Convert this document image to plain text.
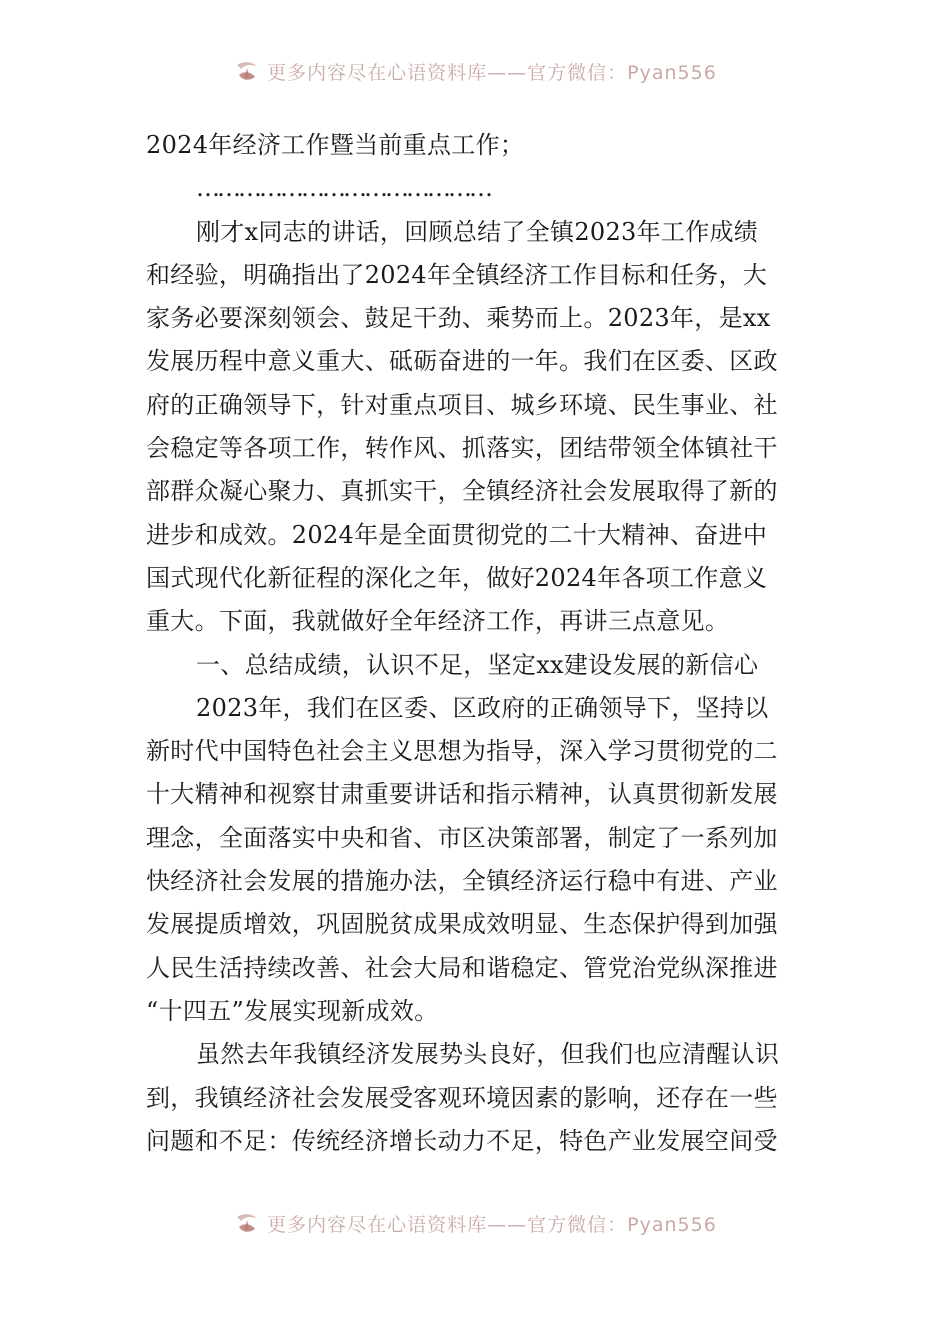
更多内容尽在心语资料库——官方微信：Pyan556
2024年经济工作暨当前重点工作；
……………………………………
刚才x同志的讲话，回顾总结了全镇2023年工作成绩
和经验，明确指出了2024年全镇经济工作目标和任务，大
家务必要深刻领会、鼓足干劲、乘势而上。2023年，是xx
发展历程中意义重大、砥砺奋进的一年。我们在区委、区政
府的正确领导下，针对重点项目、城乡环境、民生事业、社
会稳定等各项工作，转作风、抓落实，团结带领全体镇社干
部群众凝心聚力、真抓实干，全镇经济社会发展取得了新的
进步和成效。2024年是全面贯彻党的二十大精神、奋进中
国式现代化新征程的深化之年，做好2024年各项工作意义
重大。下面，我就做好全年经济工作，再讲三点意见。
一、总结成绩，认识不足，坚定xx建设发展的新信心
2023年，我们在区委、区政府的正确领导下，坚持以
新时代中国特色社会主义思想为指导，深入学习贯彻党的二
十大精神和视察甘肃重要讲话和指示精神，认真贯彻新发展
理念，全面落实中央和省、市区决策部署，制定了一系列加
快经济社会发展的措施办法，全镇经济运行稳中有进、产业
发展提质增效，巩固脱贫成果成效明显、生态保护得到加强
人民生活持续改善、社会大局和谐稳定、管党治党纵深推进
“十四五”发展实现新成效。
虽然去年我镇经济发展势头良好，但我们也应清醒认识
到，我镇经济社会发展受客观环境因素的影响，还存在一些
问题和不足：传统经济增长动力不足，特色产业发展空间受
更多内容尽在心语资料库——官方微信：Pyan556
